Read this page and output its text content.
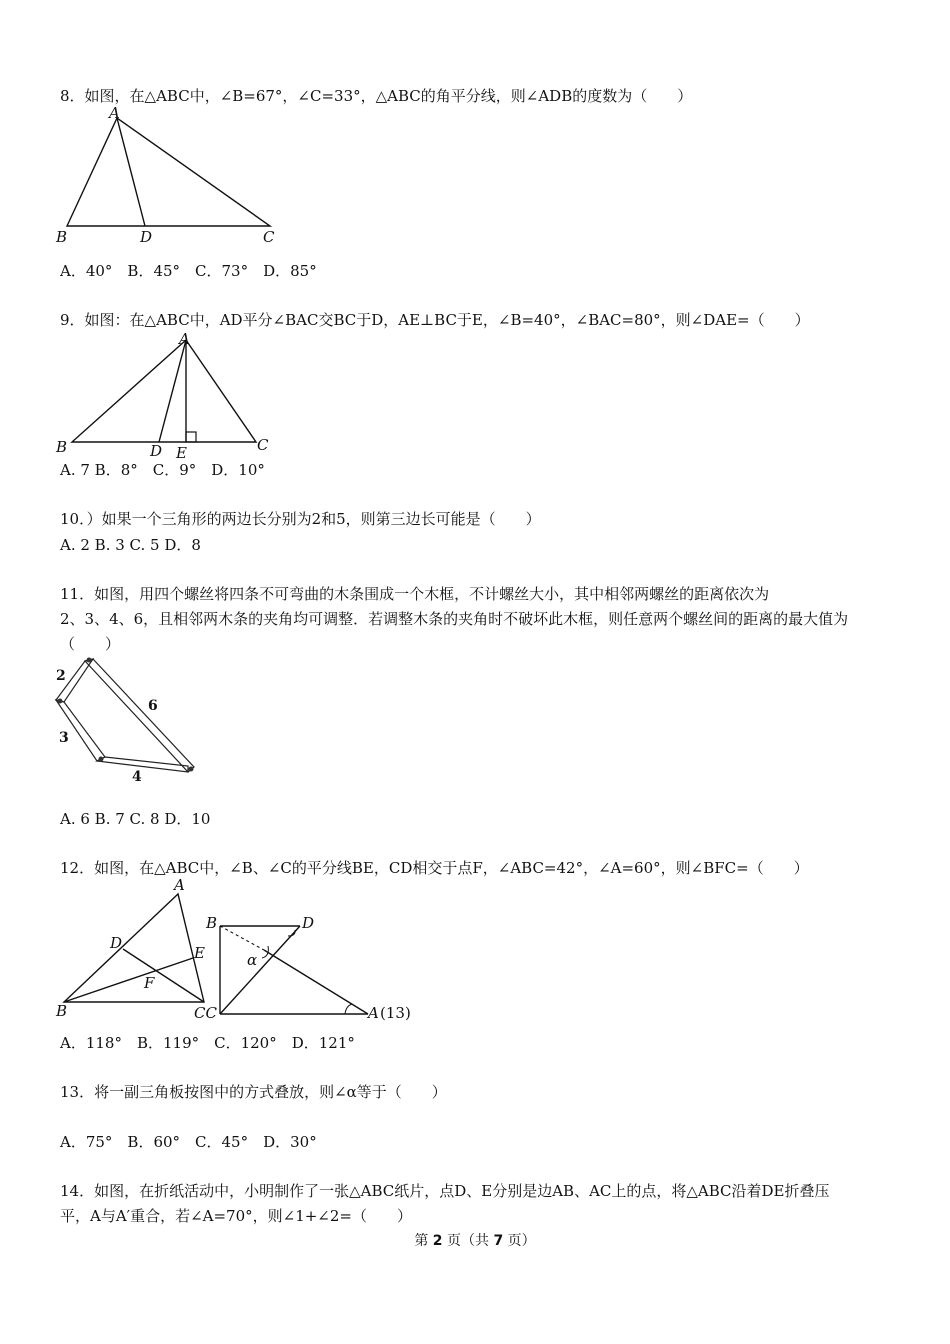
8．如图，在△ABC中，∠B=67°，∠C=33°，△ABC的角平分线，则∠ADB的度数为（　　）
A
B	D	C
A．40°　B．45°　C．73°　D．85°
9．如图：在△ABC中，AD平分∠BAC交BC于D，AE⊥BC于E，∠B=40°，∠BAC=80°，则∠DAE=（　　）
A
B	D E	C
A. 7 B．8°　C．9°　D．10°
10．）如果一个三角形的两边长分别为2和5，则第三边长可能是（　　）
A. 2 B. 3 C. 5 D．8
11．如图，用四个螺丝将四条不可弯曲的木条围成一个木框，不计螺丝大小，其中相邻两螺丝的距离依次为
2、3、4、6，且相邻两木条的夹角均可调整．若调整木条的夹角时不破坏此木框，则任意两个螺丝间的距离的最大值为
（　　）
2
6
3
4
A. 6 B. 7 C. 8 D．10
12．如图，在△ABC中，∠B、∠C的平分线BE，CD相交于点F，∠ABC=42°，∠A=60°，则∠BFC=（　　）
A
D
E
F
B	CC
B	D
α
A (13)
A．118°　B．119°　C．120°　D．121°
13．将一副三角板按图中的方式叠放，则∠α等于（　　）
A．75°　B．60°　C．45°　D．30°
14．如图，在折纸活动中，小明制作了一张△ABC纸片，点D、E分别是边AB、AC上的点，将△ABC沿着DE折叠压
平，A与A′重合，若∠A=70°，则∠1+∠2=（　　）
第 2 页（共 7 页）
